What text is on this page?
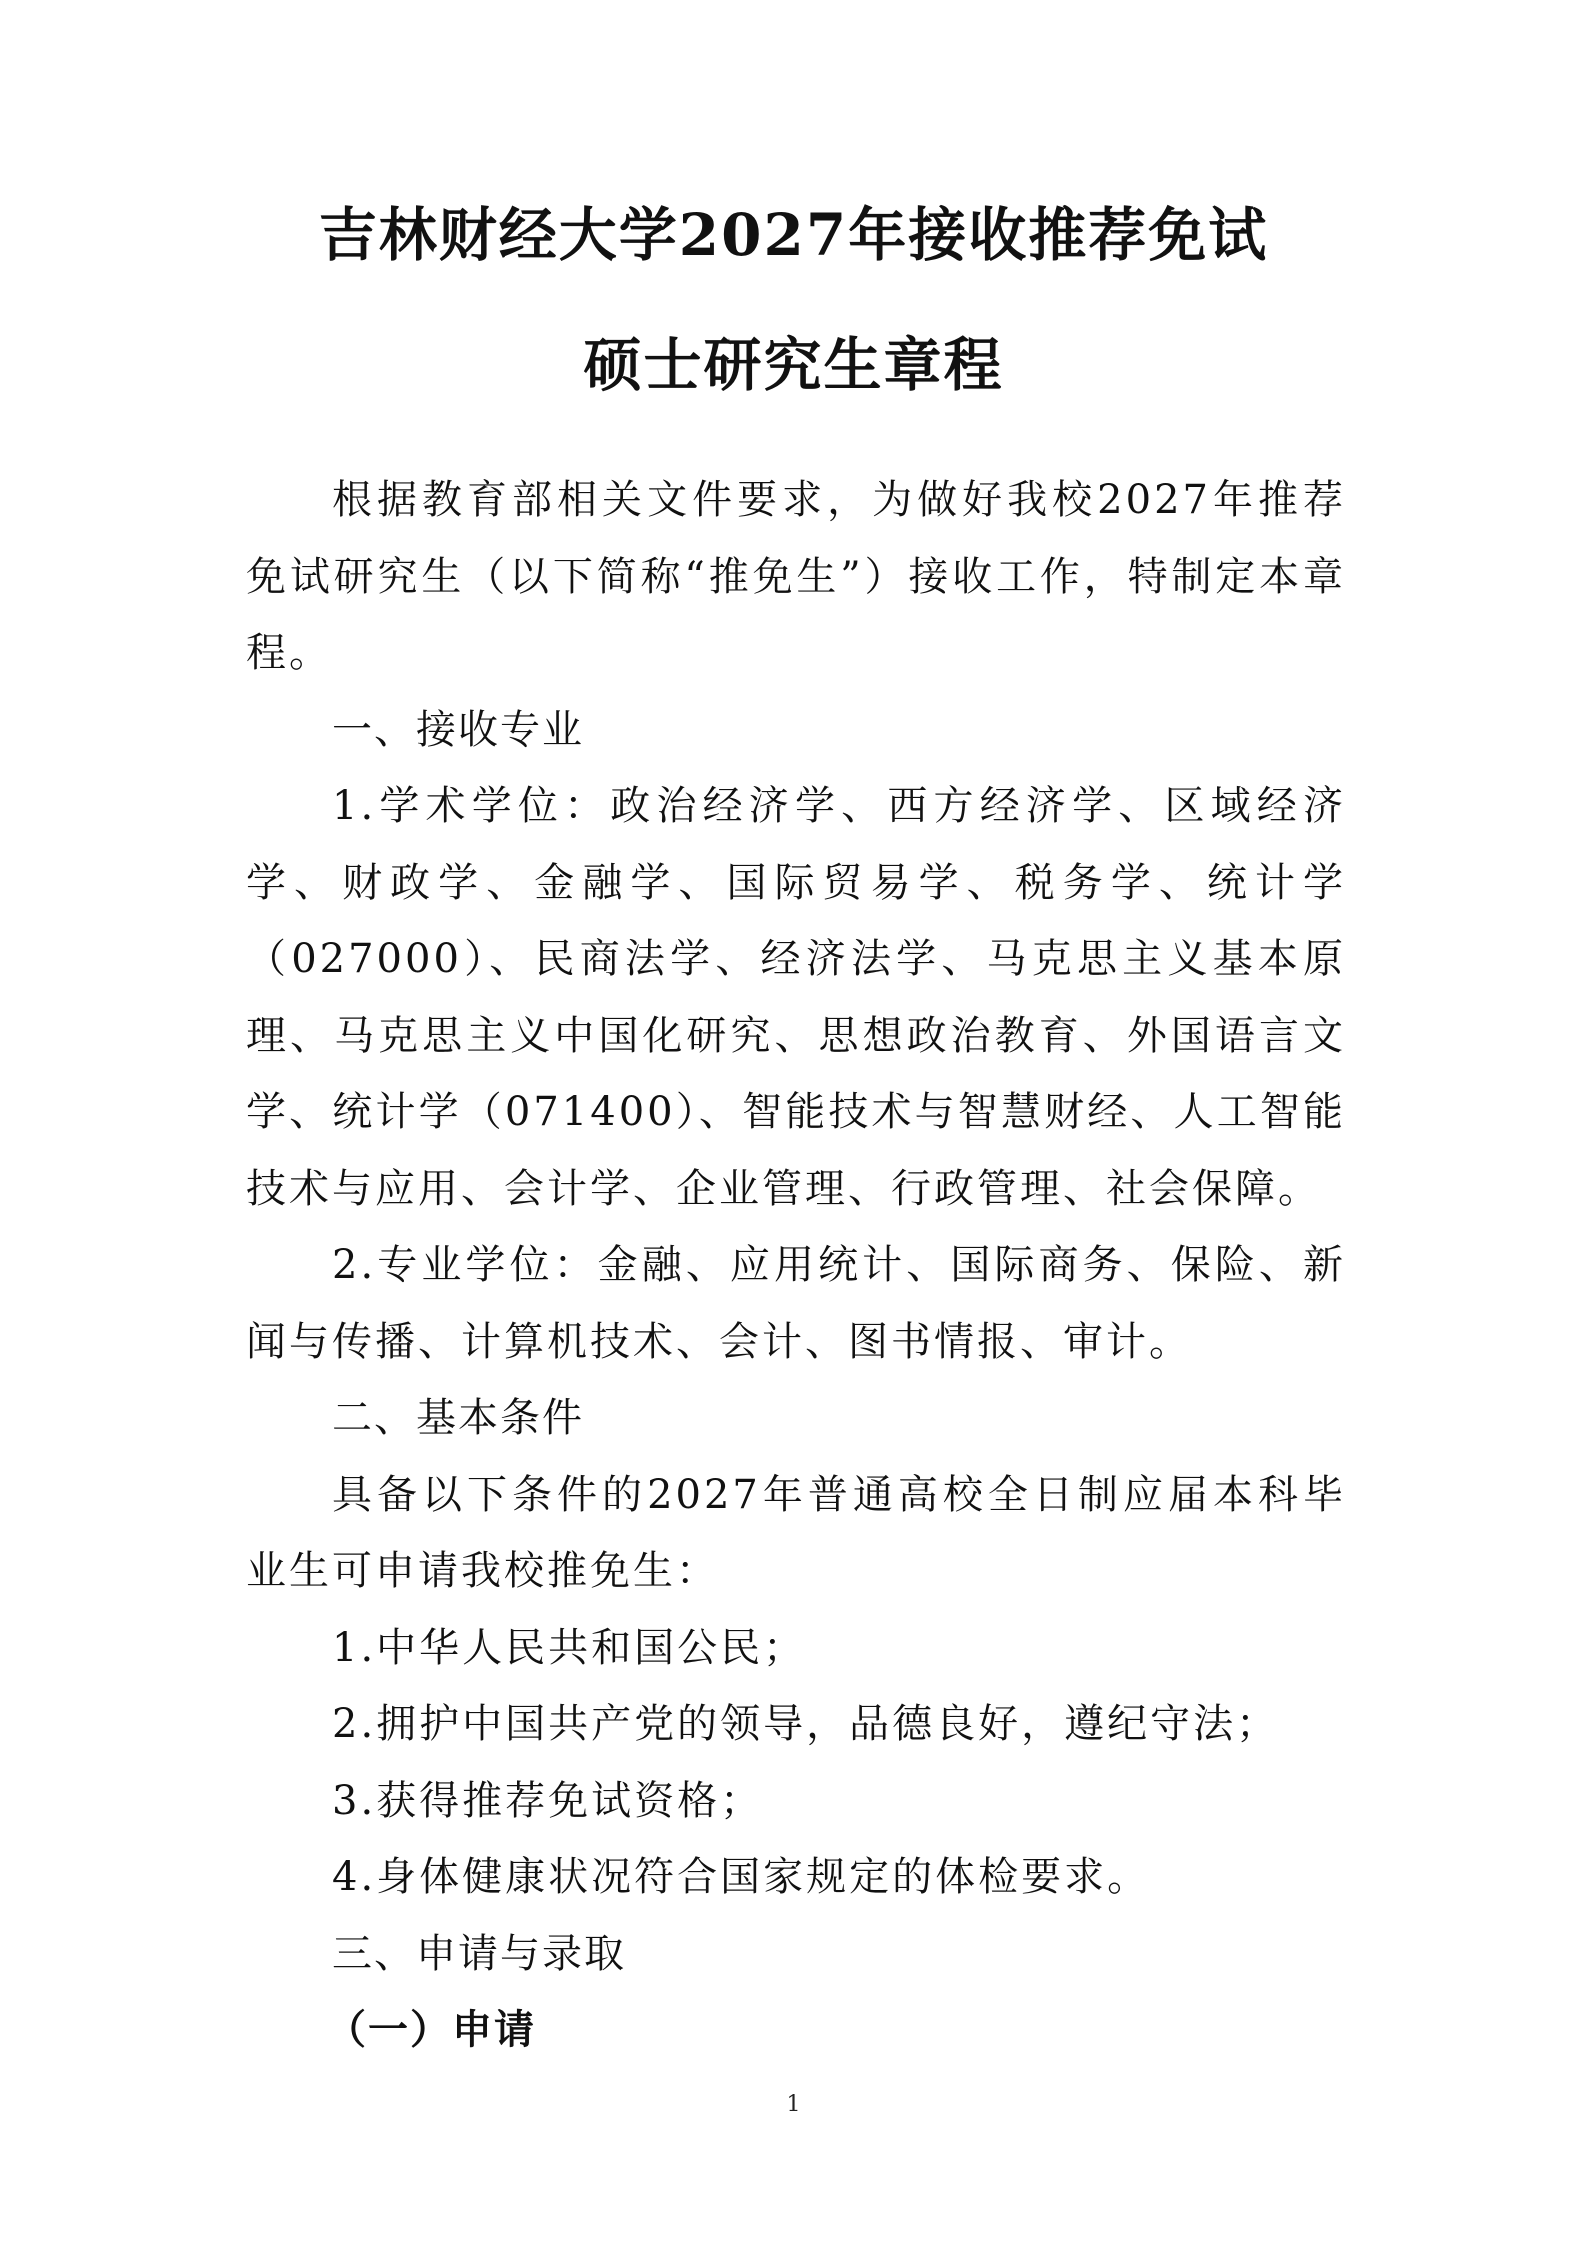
吉林财经大学2027年接收推荐免试
硕士研究生章程

根据教育部相关文件要求，为做好我校2027年推荐免试研究生（以下简称“推免生”）接收工作，特制定本章程。

一、接收专业

1.学术学位：政治经济学、西方经济学、区域经济学、财政学、金融学、国际贸易学、税务学、统计学（027000）、民商法学、经济法学、马克思主义基本原理、马克思主义中国化研究、思想政治教育、外国语言文学、统计学（071400）、智能技术与智慧财经、人工智能技术与应用、会计学、企业管理、行政管理、社会保障。

2.专业学位：金融、应用统计、国际商务、保险、新闻与传播、计算机技术、会计、图书情报、审计。

二、基本条件

具备以下条件的2027年普通高校全日制应届本科毕业生可申请我校推免生：

1.中华人民共和国公民；

2.拥护中国共产党的领导，品德良好，遵纪守法；

3.获得推荐免试资格；

4.身体健康状况符合国家规定的体检要求。

三、申请与录取

（一）申请

1
